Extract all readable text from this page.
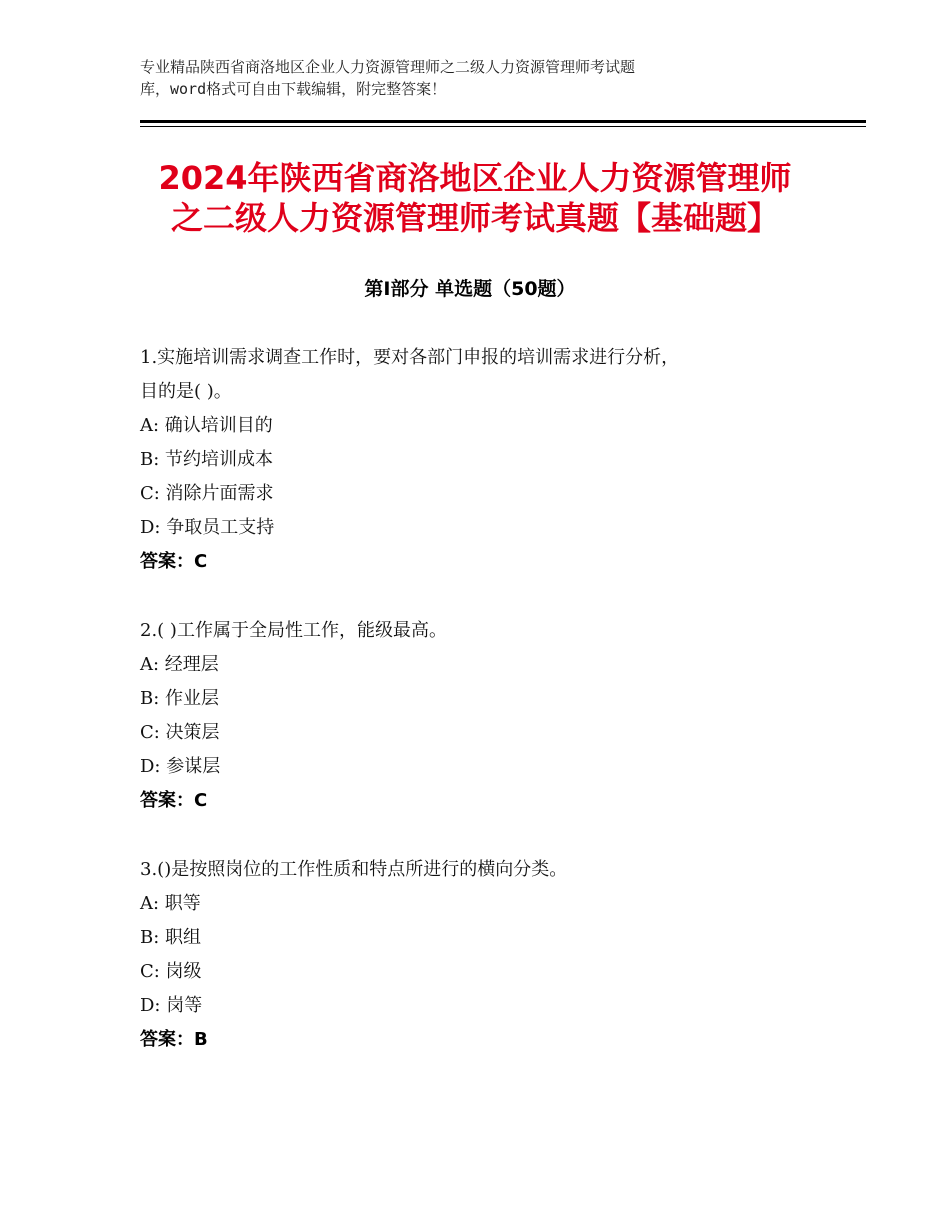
专业精品陕西省商洛地区企业人力资源管理师之二级人力资源管理师考试题
库，word格式可自由下载编辑，附完整答案！
2024年陕西省商洛地区企业人力资源管理师
之二级人力资源管理师考试真题【基础题】
第Ⅰ部分 单选题（50题）
1.实施培训需求调查工作时，要对各部门申报的培训需求进行分析，
目的是( )。
A: 确认培训目的
B: 节约培训成本
C: 消除片面需求
D: 争取员工支持
答案：C
2.( )工作属于全局性工作，能级最高。
A: 经理层
B: 作业层
C: 决策层
D: 参谋层
答案：C
3.()是按照岗位的工作性质和特点所进行的横向分类。
A: 职等
B: 职组
C: 岗级
D: 岗等
答案：B
